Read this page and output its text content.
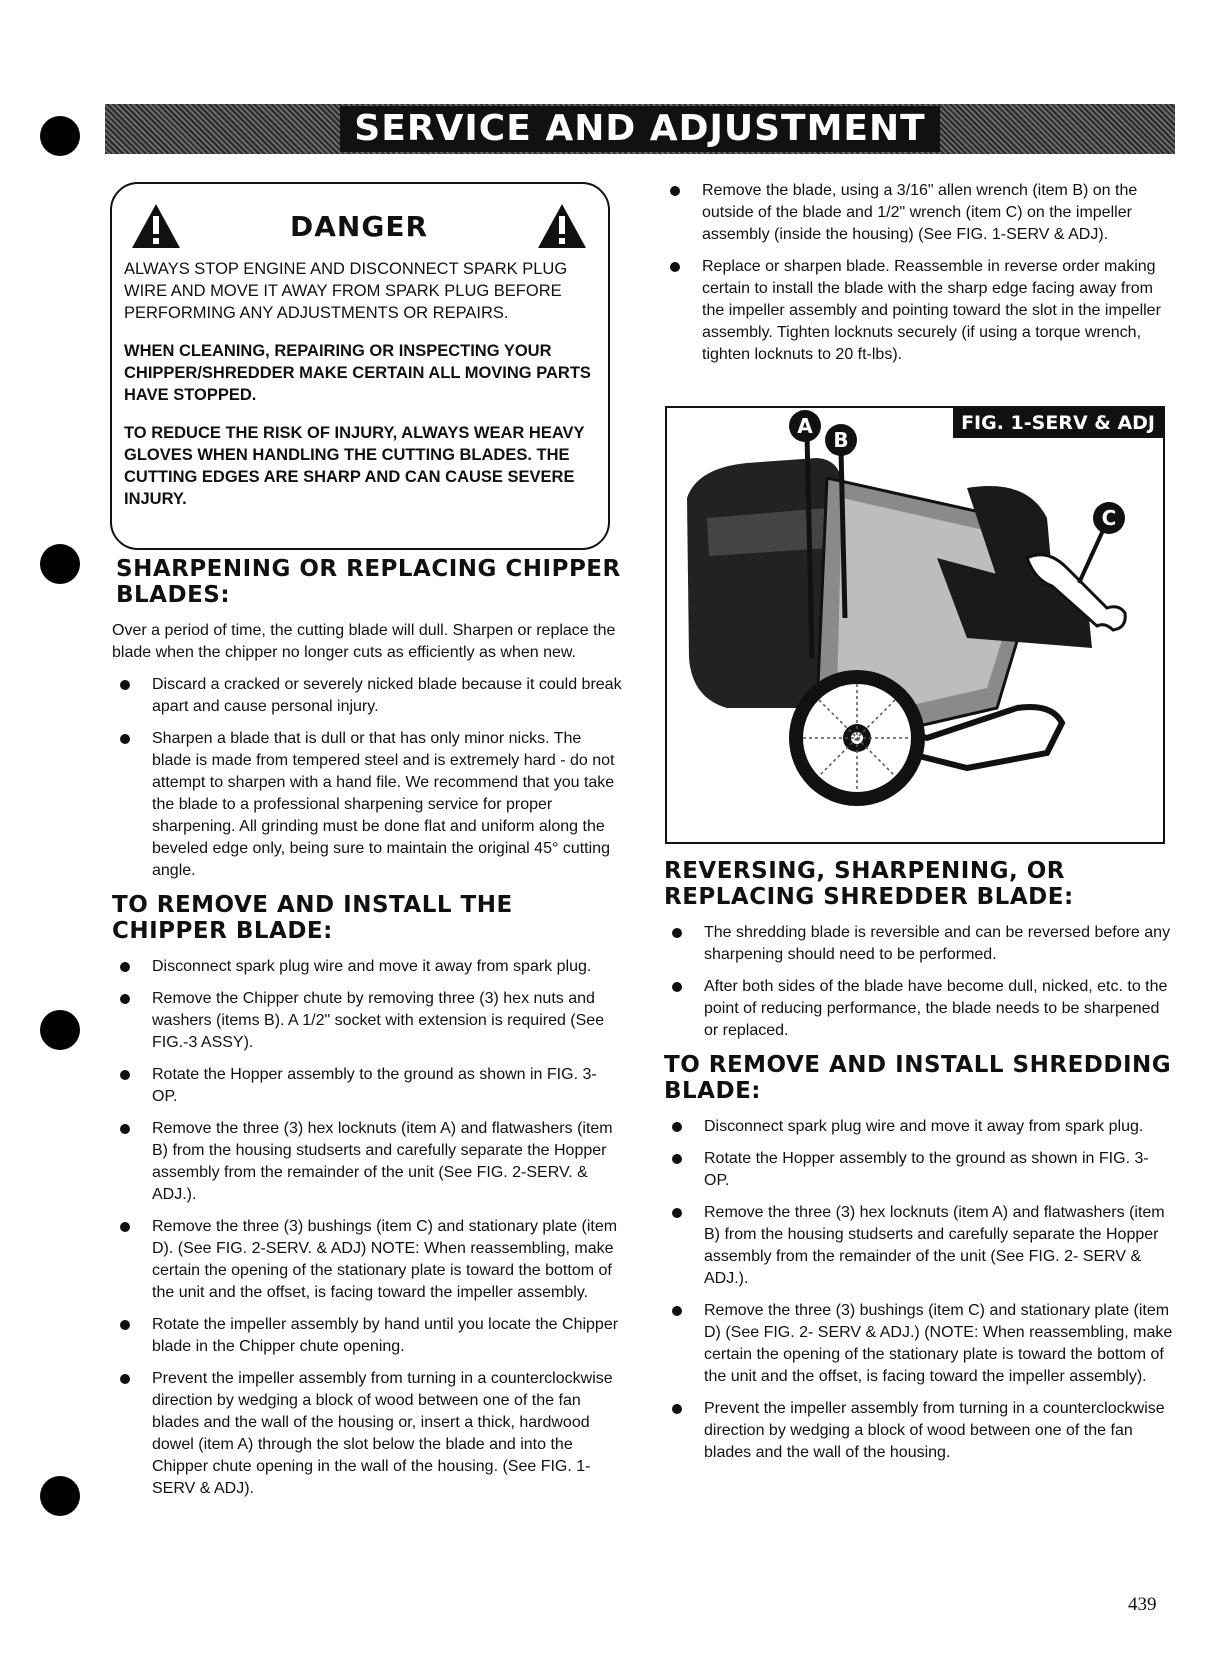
SERVICE AND ADJUSTMENT
DANGER

ALWAYS STOP ENGINE AND DISCONNECT SPARK PLUG WIRE AND MOVE IT AWAY FROM SPARK PLUG BEFORE PERFORMING ANY ADJUSTMENTS OR REPAIRS.

WHEN CLEANING, REPAIRING OR INSPECTING YOUR CHIPPER/SHREDDER MAKE CERTAIN ALL MOVING PARTS HAVE STOPPED.

TO REDUCE THE RISK OF INJURY, ALWAYS WEAR HEAVY GLOVES WHEN HANDLING THE CUTTING BLADES. THE CUTTING EDGES ARE SHARP AND CAN CAUSE SEVERE INJURY.

SHARPENING OR REPLACING CHIPPER BLADES:

Over a period of time, the cutting blade will dull. Sharpen or replace the blade when the chipper no longer cuts as efficiently as when new.

Discard a cracked or severely nicked blade because it could break apart and cause personal injury.
Sharpen a blade that is dull or that has only minor nicks. The blade is made from tempered steel and is extremely hard - do not attempt to sharpen with a hand file. We recommend that you take the blade to a professional sharpening service for proper sharpening. All grinding must be done flat and uniform along the beveled edge only, being sure to maintain the original 45° cutting angle.
TO REMOVE AND INSTALL THE CHIPPER BLADE:
Disconnect spark plug wire and move it away from spark plug.
Remove the Chipper chute by removing three (3) hex nuts and washers (items B). A 1/2" socket with extension is required (See FIG.-3 ASSY).
Rotate the Hopper assembly to the ground as shown in FIG. 3-OP.
Remove the three (3) hex locknuts (item A) and flatwashers (item B) from the housing studserts and carefully separate the Hopper assembly from the remainder of the unit (See FIG. 2-SERV. & ADJ.).
Remove the three (3) bushings (item C) and stationary plate (item D). (See FIG. 2-SERV. & ADJ) NOTE: When reassembling, make certain the opening of the stationary plate is toward the bottom of the unit and the offset, is facing toward the impeller assembly.
Rotate the impeller assembly by hand until you locate the Chipper blade in the Chipper chute opening.
Prevent the impeller assembly from turning in a counterclockwise direction by wedging a block of wood between one of the fan blades and the wall of the housing or, insert a thick, hardwood dowel (item A) through the slot below the blade and into the Chipper chute opening in the wall of the housing. (See FIG. 1-SERV & ADJ).
Remove the blade, using a 3/16" allen wrench (item B) on the outside of the blade and 1/2" wrench (item C) on the impeller assembly (inside the housing) (See FIG. 1-SERV & ADJ).
Replace or sharpen blade. Reassemble in reverse order making certain to install the blade with the sharp edge facing away from the impeller assembly and pointing toward the slot in the impeller assembly. Tighten locknuts securely (if using a torque wrench, tighten locknuts to 20 ft-lbs).
C
A
B
FIG. 1-SERV & ADJ
REVERSING, SHARPENING, OR REPLACING SHREDDER BLADE:
The shredding blade is reversible and can be reversed before any sharpening should need to be performed.
After both sides of the blade have become dull, nicked, etc. to the point of reducing performance, the blade needs to be sharpened or replaced.
TO REMOVE AND INSTALL SHREDDING BLADE:
Disconnect spark plug wire and move it away from spark plug.
Rotate the Hopper assembly to the ground as shown in FIG. 3-OP.
Remove the three (3) hex locknuts (item A) and flatwashers (item B) from the housing studserts and carefully separate the Hopper assembly from the remainder of the unit (See FIG. 2- SERV & ADJ.).
Remove the three (3) bushings (item C) and stationary plate (item D) (See FIG. 2- SERV & ADJ.) (NOTE: When reassembling, make certain the opening of the stationary plate is toward the bottom of the unit and the offset, is facing toward the impeller assembly).
Prevent the impeller assembly from turning in a counterclockwise direction by wedging a block of wood between one of the fan blades and the wall of the housing.
439
